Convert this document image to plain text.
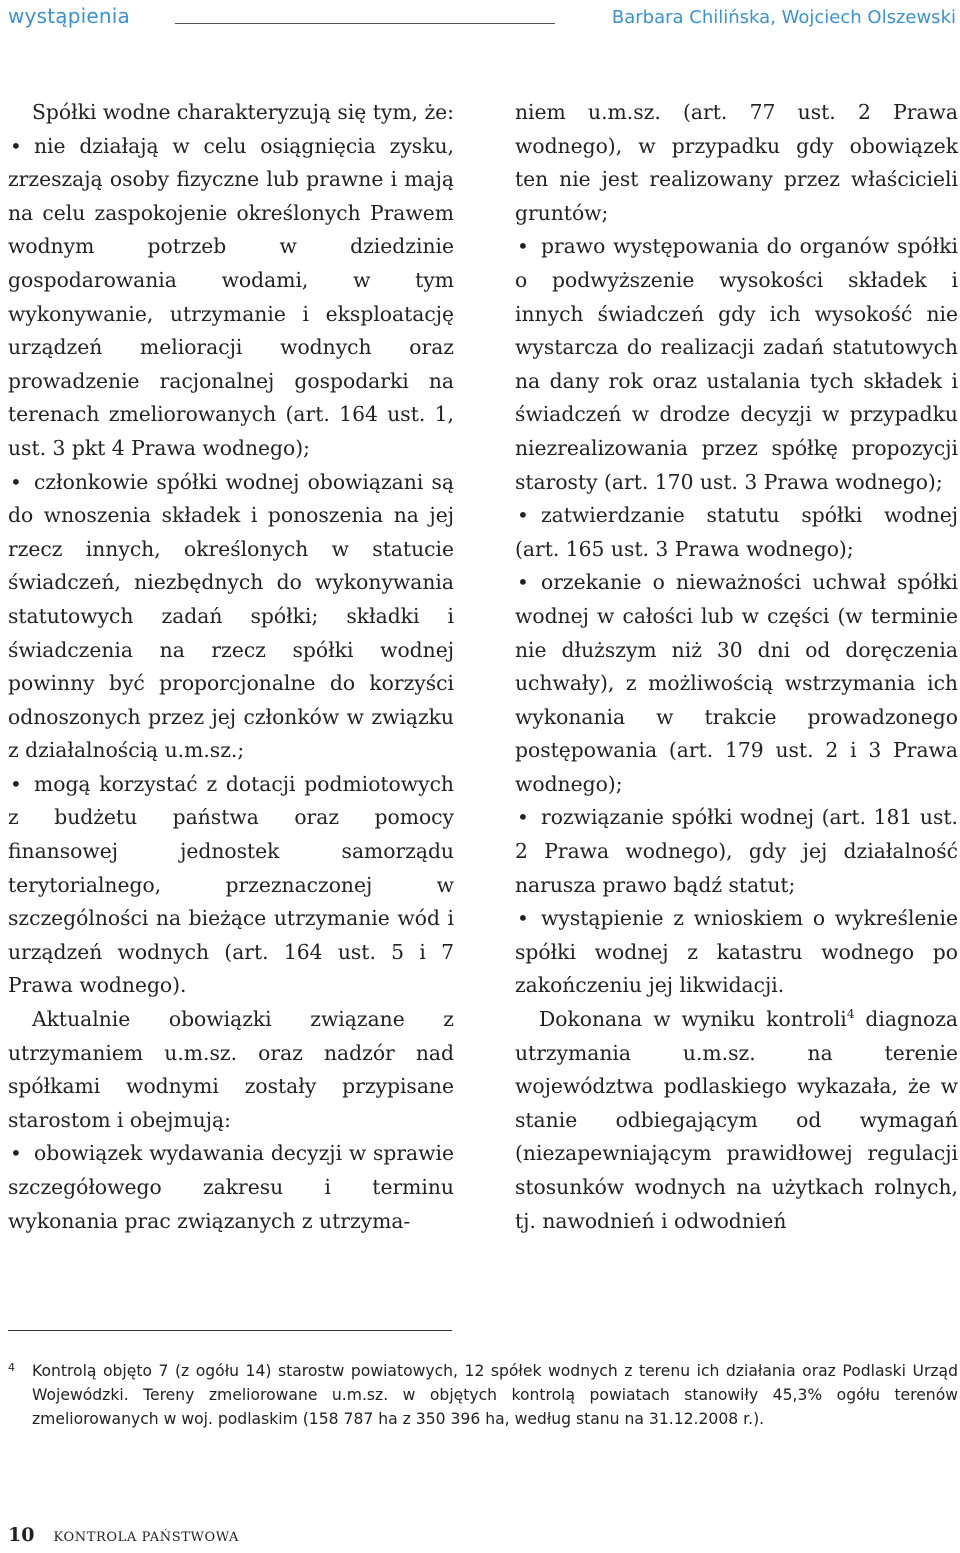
wystąpienia	Barbara Chilińska, Wojciech Olszewski

Spółki wodne charakteryzują się tym, że:

• nie działają w celu osiągnięcia zysku, zrzeszają osoby fizyczne lub prawne i mają na celu zaspokojenie określonych Prawem wodnym potrzeb w dziedzinie gospodarowania wodami, w tym wykonywanie, utrzymanie i eksploatację urządzeń melioracji wodnych oraz prowadzenie racjonalnej gospodarki na terenach zmeliorowanych (art. 164 ust. 1, ust. 3 pkt 4 Prawa wodnego);
• członkowie spółki wodnej obowiązani są do wnoszenia składek i ponoszenia na jej rzecz innych, określonych w statucie świadczeń, niezbędnych do wykonywania statutowych zadań spółki; składki i świadczenia na rzecz spółki wodnej powinny być proporcjonalne do korzyści odnoszonych przez jej członków w związku z działalnością u.m.sz.;
• mogą korzystać z dotacji podmiotowych z budżetu państwa oraz pomocy finansowej jednostek samorządu terytorialnego, przeznaczonej w szczególności na bieżące utrzymanie wód i urządzeń wodnych (art. 164 ust. 5 i 7 Prawa wodnego).

Aktualnie obowiązki związane z utrzymaniem u.m.sz. oraz nadzór nad spółkami wodnymi zostały przypisane starostom i obejmują:

• obowiązek wydawania decyzji w sprawie szczegółowego zakresu i terminu wykonania prac związanych z utrzyma-

niem u.m.sz. (art. 77 ust. 2 Prawa wodnego), w przypadku gdy obowiązek ten nie jest realizowany przez właścicieli gruntów;

• prawo występowania do organów spółki o podwyższenie wysokości składek i innych świadczeń gdy ich wysokość nie wystarcza do realizacji zadań statutowych na dany rok oraz ustalania tych składek i świadczeń w drodze decyzji w przypadku niezrealizowania przez spółkę propozycji starosty (art. 170 ust. 3 Prawa wodnego);
• zatwierdzanie statutu spółki wodnej (art. 165 ust. 3 Prawa wodnego);
• orzekanie o nieważności uchwał spółki wodnej w całości lub w części (w terminie nie dłuższym niż 30 dni od doręczenia uchwały), z możliwością wstrzymania ich wykonania w trakcie prowadzonego postępowania (art. 179 ust. 2 i 3 Prawa wodnego);
• rozwiązanie spółki wodnej (art. 181 ust. 2 Prawa wodnego), gdy jej działalność narusza prawo bądź statut;
• wystąpienie z wnioskiem o wykreślenie spółki wodnej z katastru wodnego po zakończeniu jej likwidacji.

Dokonana w wyniku kontroli$^4$ diagnoza utrzymania u.m.sz. na terenie województwa podlaskiego wykazała, że w stanie odbiegającym od wymagań (niezapewniającym prawidłowej regulacji stosunków wodnych na użytkach rolnych, tj. nawodnień i odwodnień

4	Kontrolą objęto 7 (z ogółu 14) starostw powiatowych, 12 spółek wodnych z terenu ich działania oraz Podlaski Urząd Wojewódzki. Tereny zmeliorowane u.m.sz. w objętych kontrolą powiatach stanowiły 45,3% ogółu terenów zmeliorowanych w woj. podlaskim (158 787 ha z 350 396 ha, według stanu na 31.12.2008 r.).
10 KONTROLA PAŃSTWOWA
